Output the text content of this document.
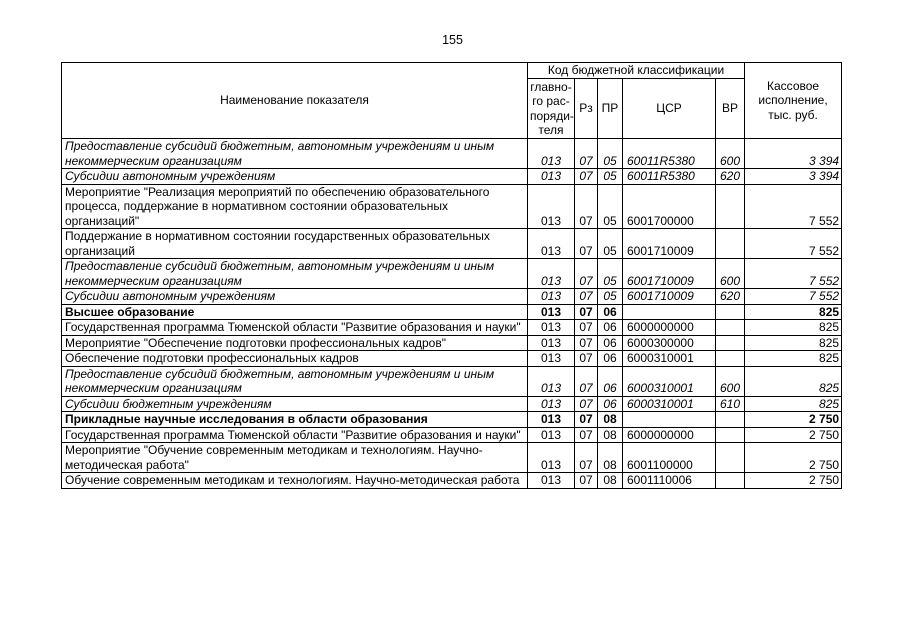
155
Наименование показателя	Код бюджетной классификации					Кассовое исполнение, тыс. руб.
	главно-го рас-поряди-теля	Рз	ПР	ЦСР	ВР	
Предоставление субсидий бюджетным, автономным учреждениям и иным некоммерческим организациям	013	07	05	60011R5380	600	3 394
Субсидии автономным учреждениям	013	07	05	60011R5380	620	3 394
Мероприятие "Реализация мероприятий по обеспечению образовательного процесса, поддержание в нормативном состоянии образовательных организаций"	013	07	05	6001700000		7 552
Поддержание в нормативном состоянии государственных образовательных организаций	013	07	05	6001710009		7 552
Предоставление субсидий бюджетным, автономным учреждениям и иным некоммерческим организациям	013	07	05	6001710009	600	7 552
Субсидии автономным учреждениям	013	07	05	6001710009	620	7 552
Высшее образование	013	07	06			825
Государственная программа Тюменской области "Развитие образования и науки"	013	07	06	6000000000		825
Мероприятие "Обеспечение подготовки профессиональных кадров"	013	07	06	6000300000		825
Обеспечение подготовки профессиональных кадров	013	07	06	6000310001		825
Предоставление субсидий бюджетным, автономным учреждениям и иным некоммерческим организациям	013	07	06	6000310001	600	825
Субсидии бюджетным учреждениям	013	07	06	6000310001	610	825
Прикладные научные исследования в области образования	013	07	08			2 750
Государственная программа Тюменской области "Развитие образования и науки"	013	07	08	6000000000		2 750
Мероприятие "Обучение современным методикам и технологиям. Научно-методическая работа"	013	07	08	6001100000		2 750
Обучение современным методикам и технологиям. Научно-методическая работа	013	07	08	6001110006		2 750
